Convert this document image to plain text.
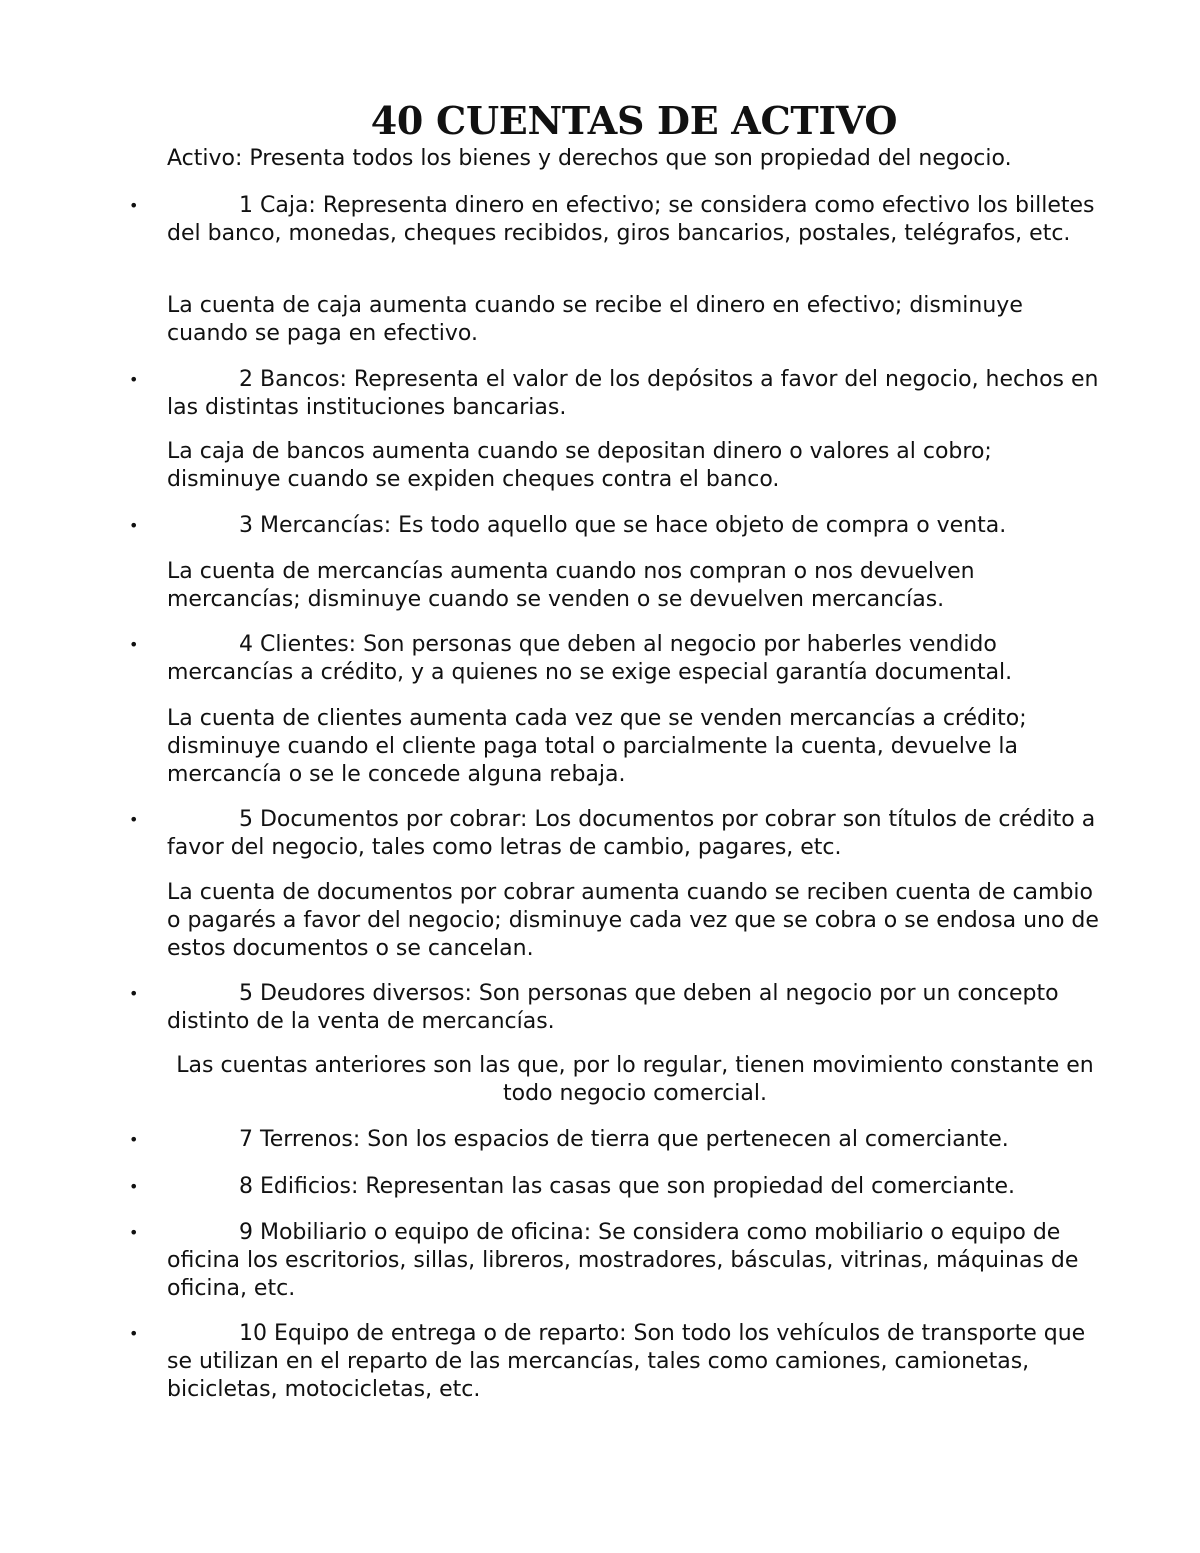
40 CUENTAS DE ACTIVO

Activo: Presenta todos los bienes y derechos que son propiedad del negocio.

•	1 Caja: Representa dinero en efectivo; se considera como efectivo los billetes del banco, monedas, cheques recibidos, giros bancarios, postales, telégrafos, etc.

La cuenta de caja aumenta cuando se recibe el dinero en efectivo; disminuye cuando se paga en efectivo.

•	2 Bancos: Representa el valor de los depósitos a favor del negocio, hechos en las distintas instituciones bancarias.

La caja de bancos aumenta cuando se depositan dinero o valores al cobro; disminuye cuando se expiden cheques contra el banco.

•	3 Mercancías: Es todo aquello que se hace objeto de compra o venta.

La cuenta de mercancías aumenta cuando nos compran o nos devuelven mercancías; disminuye cuando se venden o se devuelven mercancías.

•	4 Clientes: Son personas que deben al negocio por haberles vendido mercancías a crédito, y a quienes no se exige especial garantía documental.

La cuenta de clientes aumenta cada vez que se venden mercancías a crédito; disminuye cuando el cliente paga total o parcialmente la cuenta, devuelve la mercancía o se le concede alguna rebaja.

•	5 Documentos por cobrar: Los documentos por cobrar son títulos de crédito a favor del negocio, tales como letras de cambio, pagares, etc.

La cuenta de documentos por cobrar aumenta cuando se reciben cuenta de cambio o pagarés a favor del negocio; disminuye cada vez que se cobra o se endosa uno de estos documentos o se cancelan.

•	5 Deudores diversos: Son personas que deben al negocio por un concepto distinto de la venta de mercancías.

Las cuentas anteriores son las que, por lo regular, tienen movimiento constante en todo negocio comercial.
•	7 Terrenos: Son los espacios de tierra que pertenecen al comerciante.

•	8 Edificios: Representan las casas que son propiedad del comerciante.

•	9 Mobiliario o equipo de oficina: Se considera como mobiliario o equipo de oficina los escritorios, sillas, libreros, mostradores, básculas, vitrinas, máquinas de oficina, etc.

•	10 Equipo de entrega o de reparto: Son todo los vehículos de transporte que se utilizan en el reparto de las mercancías, tales como camiones, camionetas, bicicletas, motocicletas, etc.
